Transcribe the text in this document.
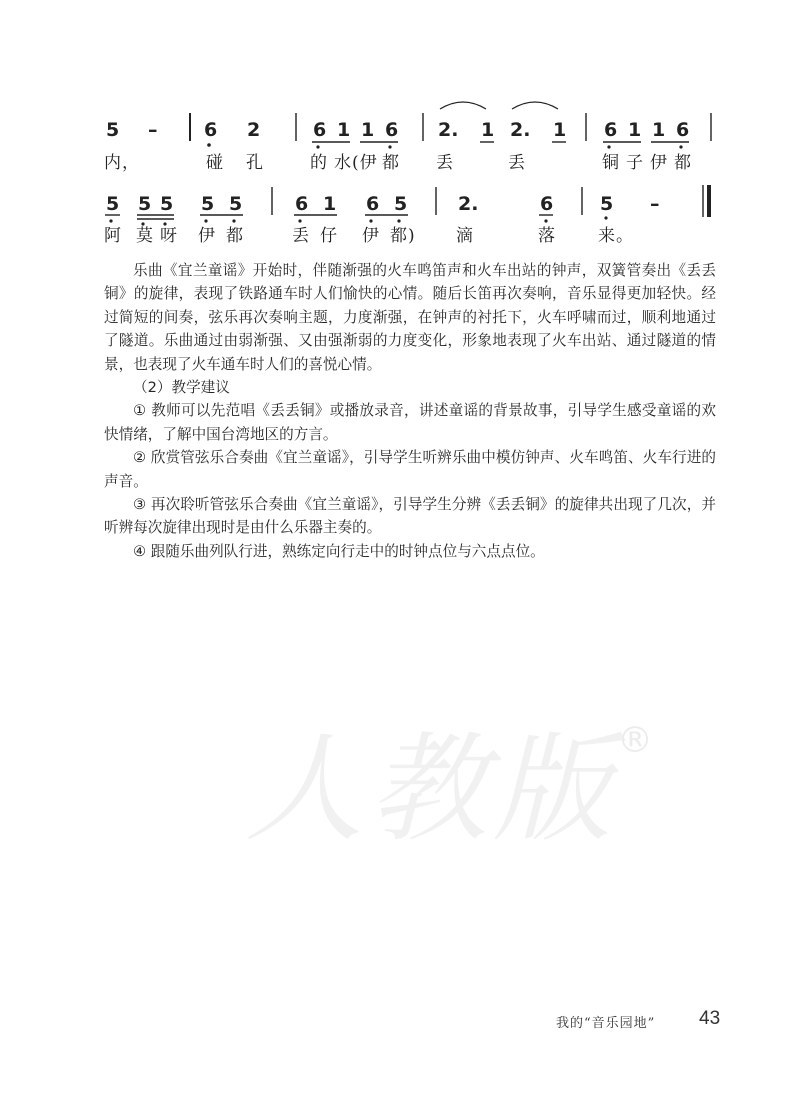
5 – 6 2	6 1 1 6 2. 1 2. 1 6 1 1 6
内，	碰 孔	的 水 (伊 都 丢	丢	铜 子 伊 都
5 5 5 5 5	6 1 6 5	2.	6 5 –
阿 莫 呀 伊 都	丢 仔 伊 都) 滴	落 来。

乐曲《宜兰童谣》开始时，伴随渐强的火车鸣笛声和火车出站的钟声，双簧管奏出《丢丢铜》的旋律，表现了铁路通车时人们愉快的心情。随后长笛再次奏响，音乐显得更加轻快。经过简短的间奏，弦乐再次奏响主题，力度渐强，在钟声的衬托下，火车呼啸而过，顺利地通过了隧道。乐曲通过由弱渐强、又由强渐弱的力度变化，形象地表现了火车出站、通过隧道的情景，也表现了火车通车时人们的喜悦心情。

（2）教学建议

① 教师可以先范唱《丢丢铜》或播放录音，讲述童谣的背景故事，引导学生感受童谣的欢快情绪，了解中国台湾地区的方言。

② 欣赏管弦乐合奏曲《宜兰童谣》，引导学生听辨乐曲中模仿钟声、火车鸣笛、火车行进的声音。

③ 再次聆听管弦乐合奏曲《宜兰童谣》，引导学生分辨《丢丢铜》的旋律共出现了几次，并听辨每次旋律出现时是由什么乐器主奏的。

④ 跟随乐曲列队行进，熟练定向行走中的时钟点位与六点点位。

人教版 ®
我的“音乐园地” 43
